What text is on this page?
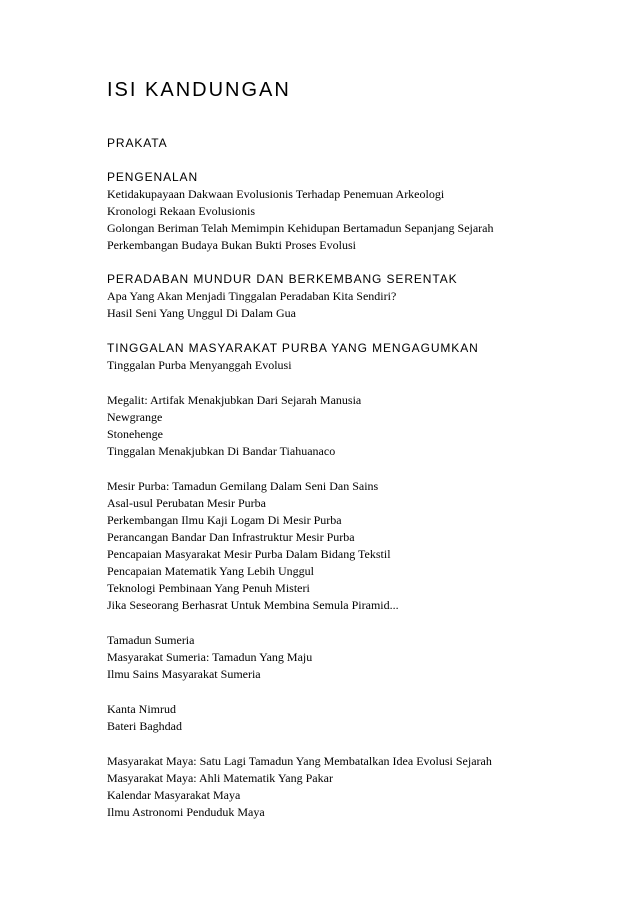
ISI KANDUNGAN
PRAKATA
PENGENALAN

Ketidakupayaan Dakwaan Evolusionis Terhadap Penemuan Arkeologi

Kronologi Rekaan Evolusionis

Golongan Beriman Telah Memimpin Kehidupan Bertamadun Sepanjang Sejarah

Perkembangan Budaya Bukan Bukti Proses Evolusi

PERADABAN MUNDUR DAN BERKEMBANG SERENTAK

Apa Yang Akan Menjadi Tinggalan Peradaban Kita Sendiri?

Hasil Seni Yang Unggul Di Dalam Gua

TINGGALAN MASYARAKAT PURBA YANG MENGAGUMKAN

Tinggalan Purba Menyanggah Evolusi

Megalit: Artifak Menakjubkan Dari Sejarah Manusia

Newgrange

Stonehenge

Tinggalan Menakjubkan Di Bandar Tiahuanaco

Mesir Purba: Tamadun Gemilang Dalam Seni Dan Sains

Asal-usul Perubatan Mesir Purba

Perkembangan Ilmu Kaji Logam Di Mesir Purba

Perancangan Bandar Dan Infrastruktur Mesir Purba

Pencapaian Masyarakat Mesir Purba Dalam Bidang Tekstil

Pencapaian Matematik Yang Lebih Unggul

Teknologi Pembinaan Yang Penuh Misteri

Jika Seseorang Berhasrat Untuk Membina Semula Piramid...

Tamadun Sumeria

Masyarakat Sumeria: Tamadun Yang Maju

Ilmu Sains Masyarakat Sumeria

Kanta Nimrud

Bateri Baghdad

Masyarakat Maya: Satu Lagi Tamadun Yang Membatalkan Idea Evolusi Sejarah

Masyarakat Maya: Ahli Matematik Yang Pakar

Kalendar Masyarakat Maya

Ilmu Astronomi Penduduk Maya
